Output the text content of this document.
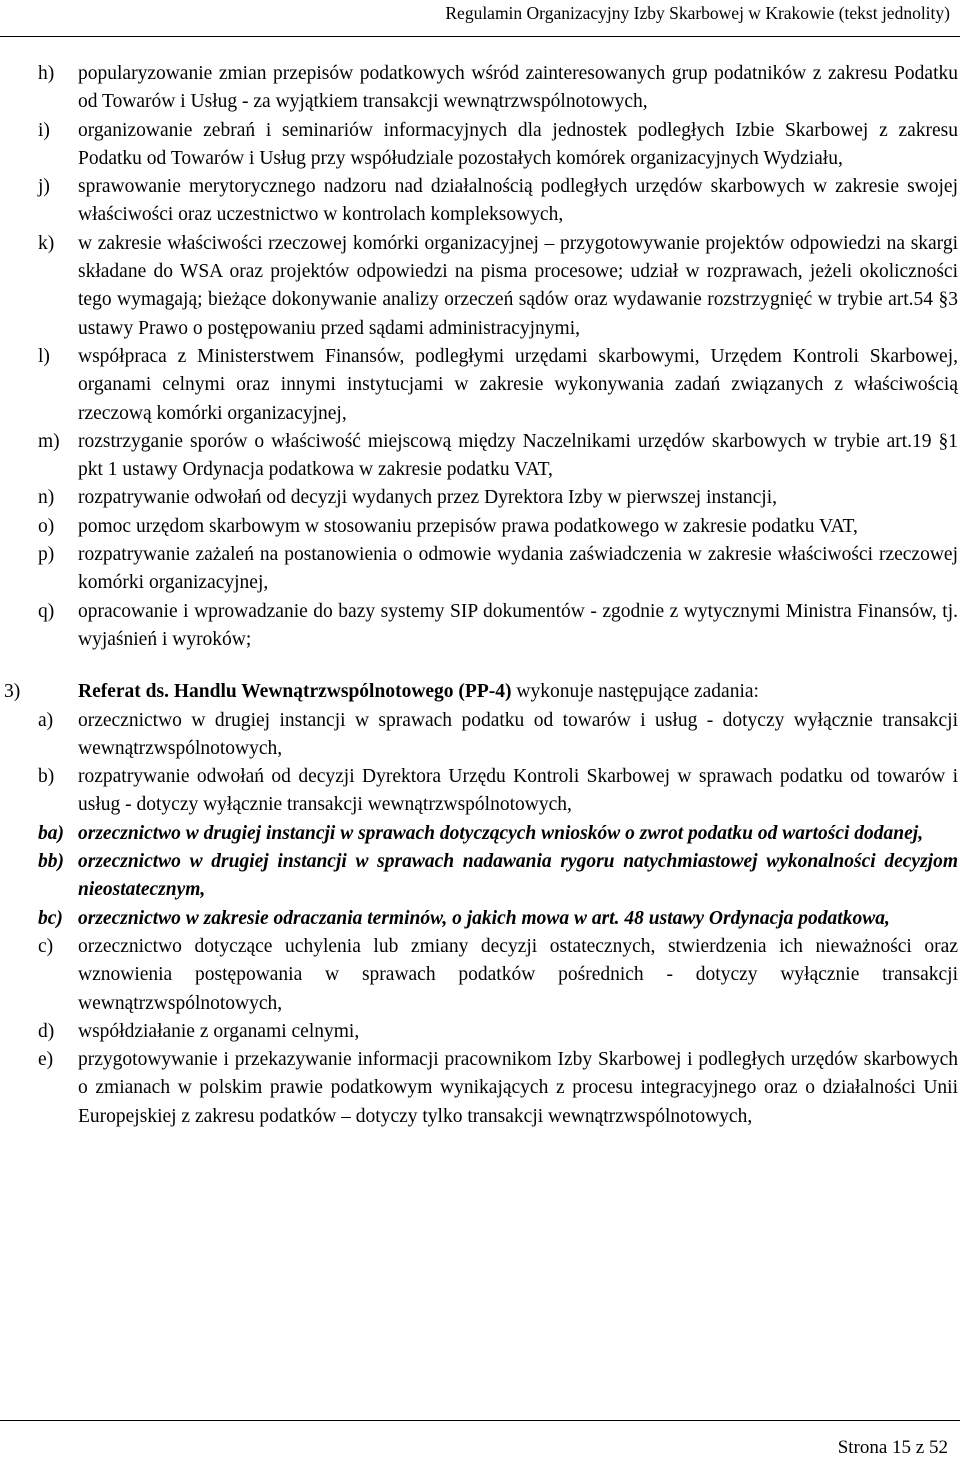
Regulamin Organizacyjny Izby Skarbowej w Krakowie (tekst jednolity)
h) popularyzowanie zmian przepisów podatkowych wśród zainteresowanych grup podatników z zakresu Podatku od Towarów i Usług - za wyjątkiem transakcji wewnątrzwspólnotowych,
i) organizowanie zebrań i seminariów informacyjnych dla jednostek podległych Izbie Skarbowej z zakresu Podatku od Towarów i Usług przy współudziale pozostałych komórek organizacyjnych Wydziału,
j) sprawowanie merytorycznego nadzoru nad działalnością podległych urzędów skarbowych w zakresie swojej właściwości oraz uczestnictwo w kontrolach kompleksowych,
k) w zakresie właściwości rzeczowej komórki organizacyjnej – przygotowywanie projektów odpowiedzi na skargi składane do WSA oraz projektów odpowiedzi na pisma procesowe; udział w rozprawach, jeżeli okoliczności tego wymagają; bieżące dokonywanie analizy orzeczeń sądów oraz wydawanie rozstrzygnięć w trybie art.54 §3 ustawy Prawo o postępowaniu przed sądami administracyjnymi,
l) współpraca z Ministerstwem Finansów, podległymi urzędami skarbowymi, Urzędem Kontroli Skarbowej, organami celnymi oraz innymi instytucjami w zakresie wykonywania zadań związanych z właściwością rzeczową komórki organizacyjnej,
m) rozstrzyganie sporów o właściwość miejscową między Naczelnikami urzędów skarbowych w trybie art.19 §1 pkt 1 ustawy Ordynacja podatkowa w zakresie podatku VAT,
n) rozpatrywanie odwołań od decyzji wydanych przez Dyrektora Izby w pierwszej instancji,
o) pomoc urzędom skarbowym w stosowaniu przepisów prawa podatkowego w zakresie podatku VAT,
p) rozpatrywanie zażaleń na postanowienia o odmowie wydania zaświadczenia w zakresie właściwości rzeczowej komórki organizacyjnej,
q) opracowanie i wprowadzanie do bazy systemy SIP dokumentów - zgodnie z wytycznymi Ministra Finansów, tj. wyjaśnień i wyroków;
3)	Referat ds. Handlu Wewnątrzwspólnotowego (PP-4) wykonuje następujące zadania:
a) orzecznictwo w drugiej instancji w sprawach podatku od towarów i usług - dotyczy wyłącznie transakcji wewnątrzwspólnotowych,
b) rozpatrywanie odwołań od decyzji Dyrektora Urzędu Kontroli Skarbowej w sprawach podatku od towarów i usług - dotyczy wyłącznie transakcji wewnątrzwspólnotowych,
ba) orzecznictwo w drugiej instancji w sprawach dotyczących wniosków o zwrot podatku od wartości dodanej,
bb) orzecznictwo w drugiej instancji w sprawach nadawania rygoru natychmiastowej wykonalności decyzjom nieostatecznym,
bc) orzecznictwo w zakresie odraczania terminów, o jakich mowa w art. 48 ustawy Ordynacja podatkowa,
c) orzecznictwo dotyczące uchylenia lub zmiany decyzji ostatecznych, stwierdzenia ich nieważności oraz wznowienia postępowania w sprawach podatków pośrednich - dotyczy wyłącznie transakcji wewnątrzwspólnotowych,
d) współdziałanie z organami celnymi,
e) przygotowywanie i przekazywanie informacji pracownikom Izby Skarbowej i podległych urzędów skarbowych o zmianach w polskim prawie podatkowym wynikających z procesu integracyjnego oraz o działalności Unii Europejskiej z zakresu podatków – dotyczy tylko transakcji wewnątrzwspólnotowych,
Strona 15 z 52
